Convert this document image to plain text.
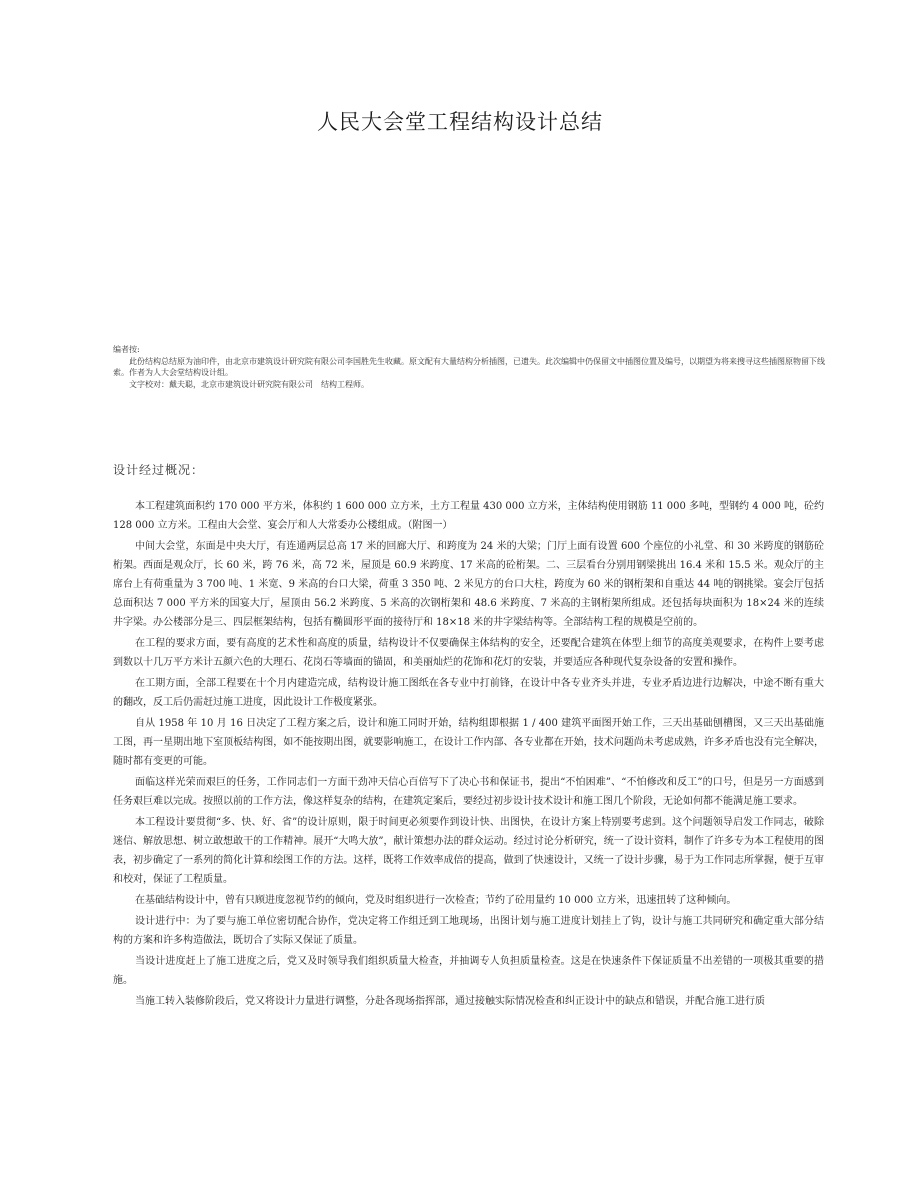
人民大会堂工程结构设计总结

编者按:

此份结构总结原为油印件，由北京市建筑设计研究院有限公司李国胜先生收藏。原文配有大量结构分析插图，已遗失。此次编辑中仍保留文中插图位置及编号，以期望为将来搜寻这些插图原物留下线索。作者为人大会堂结构设计组。

文字校对：戴夫聪，北京市建筑设计研究院有限公司　结构工程师。

设计经过概况：

本工程建筑面积约 170 000 平方米，体积约 1 600 000 立方米，土方工程量 430 000 立方米，主体结构使用钢筋 11 000 多吨，型钢约 4 000 吨，砼约 128 000 立方米。工程由大会堂、宴会厅和人大常委办公楼组成。（附图一）

中间大会堂，东面是中央大厅，有连通两层总高 17 米的回廊大厅、和跨度为 24 米的大梁；门厅上面有设置 600 个座位的小礼堂、和 30 米跨度的钢筋砼桁架。西面是观众厅，长 60 米，跨 76 米，高 72 米，屋顶是 60.9 米跨度、17 米高的砼桁架。二、三层看台分别用钢梁挑出 16.4 米和 15.5 米。观众厅的主席台上有荷重量为 3 700 吨、1 米宽、9 米高的台口大梁，荷重 3 350 吨、2 米见方的台口大柱，跨度为 60 米的钢桁架和自重达 44 吨的钢挑梁。宴会厅包括总面积达 7 000 平方米的国宴大厅，屋顶由 56.2 米跨度、5 米高的次钢桁架和 48.6 米跨度、7 米高的主钢桁架所组成。还包括每块面积为 18×24 米的连续井字梁。办公楼部分是三、四层框架结构，包括有椭圆形平面的接待厅和 18×18 米的井字梁结构等。全部结构工程的规模是空前的。

在工程的要求方面，要有高度的艺术性和高度的质量，结构设计不仅要确保主体结构的安全，还要配合建筑在体型上细节的高度美观要求，在构件上要考虑到数以十几万平方米计五颜六色的大理石、花岗石等墙面的锚固，和美丽灿烂的花饰和花灯的安装，并要适应各种现代复杂设备的安置和操作。

在工期方面，全部工程要在十个月内建造完成，结构设计施工图纸在各专业中打前锋，在设计中各专业齐头并进，专业矛盾边进行边解决，中途不断有重大的翻改，反工后仍需赶过施工进度，因此设计工作极度紧张。

自从 1958 年 10 月 16 日决定了工程方案之后，设计和施工同时开始，结构组即根据 1 / 400 建筑平面图开始工作，三天出基础刨槽图，又三天出基础施工图，再一星期出地下室顶板结构图，如不能按期出图，就要影响施工，在设计工作内部、各专业都在开始，技术问题尚未考虑成熟，许多矛盾也没有完全解决，随时都有变更的可能。

面临这样光荣而艰巨的任务，工作同志们一方面干劲冲天信心百倍写下了决心书和保证书，提出“不怕困难”、“不怕修改和反工”的口号，但是另一方面感到任务艰巨难以完成。按照以前的工作方法，像这样复杂的结构，在建筑定案后，要经过初步设计技术设计和施工图几个阶段，无论如何都不能满足施工要求。

本工程设计要贯彻“多、快、好、省”的设计原则，限于时间更必须要作到设计快、出图快，在设计方案上特别要考虑到。这个问题领导启发工作同志，破除迷信、解放思想、树立敢想敢干的工作精神。展开“大鸣大放”，献计策想办法的群众运动。经过讨论分析研究，统一了设计资料，制作了许多专为本工程使用的图表，初步确定了一系列的简化计算和绘图工作的方法。这样，既将工作效率成倍的提高，做到了快速设计，又统一了设计步骤，易于为工作同志所掌握，便于互审和校对，保证了工程质量。

在基础结构设计中，曾有只顾进度忽视节约的倾向，党及时组织进行一次检查；节约了砼用量约 10 000 立方米，迅速扭转了这种倾向。

设计进行中：为了要与施工单位密切配合协作，党决定将工作组迁到工地现场，出图计划与施工进度计划挂上了钩，设计与施工共同研究和确定重大部分结构的方案和许多构造做法，既切合了实际又保证了质量。

当设计进度赶上了施工进度之后，党又及时领导我们组织质量大检查，并抽调专人负担质量检查。这是在快速条件下保证质量不出差错的一项极其重要的措施。

当施工转入装修阶段后，党又将设计力量进行调整，分赴各现场指挥部，通过接触实际情况检查和纠正设计中的缺点和错误，并配合施工进行质
